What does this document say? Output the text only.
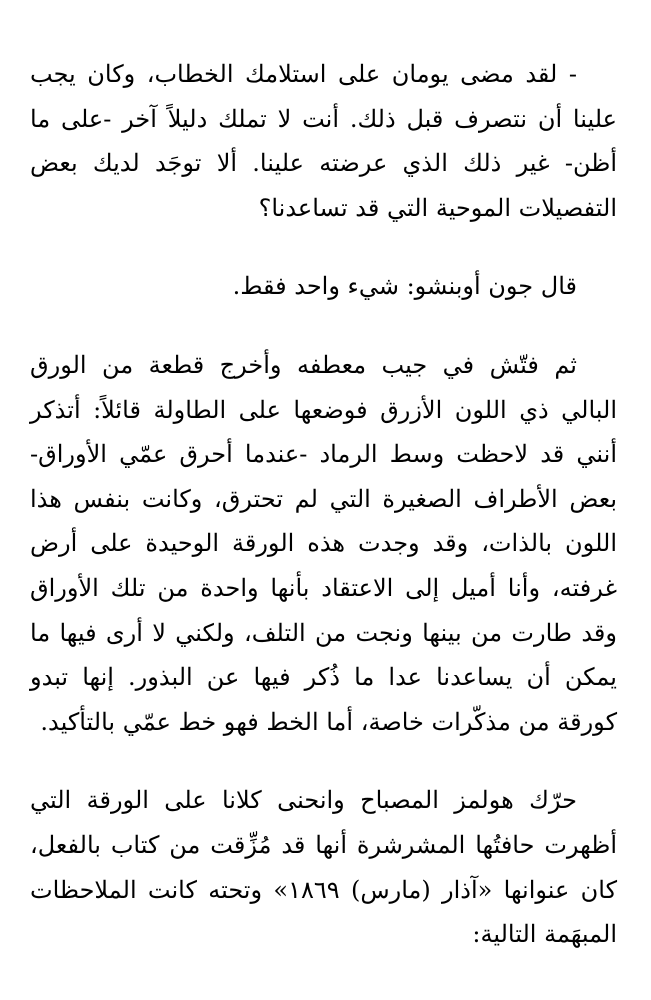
- لقد مضى يومان على استلامك الخطاب، وكان يجب علينا أن نتصرف قبل ذلك. أنت لا تملك دليلاً آخر -على ما أظن- غير ذلك الذي عرضته علينا. ألا توجَد لديك بعض التفصيلات الموحية التي قد تساعدنا؟

قال جون أوبنشو: شيء واحد فقط.

ثم فتّش في جيب معطفه وأخرج قطعة من الورق البالي ذي اللون الأزرق فوضعها على الطاولة قائلاً: أتذكر أنني قد لاحظت وسط الرماد -عندما أحرق عمّي الأوراق- بعض الأطراف الصغيرة التي لم تحترق، وكانت بنفس هذا اللون بالذات، وقد وجدت هذه الورقة الوحيدة على أرض غرفته، وأنا أميل إلى الاعتقاد بأنها واحدة من تلك الأوراق وقد طارت من بينها ونجت من التلف، ولكني لا أرى فيها ما يمكن أن يساعدنا عدا ما ذُكر فيها عن البذور. إنها تبدو كورقة من مذكّرات خاصة، أما الخط فهو خط عمّي بالتأكيد.

حرّك هولمز المصباح وانحنى كلانا على الورقة التي أظهرت حافتُها المشرشرة أنها قد مُزِّقت من كتاب بالفعل، كان عنوانها «آذار (مارس) ١٨٦٩» وتحته كانت الملاحظات المبهَمة التالية:
